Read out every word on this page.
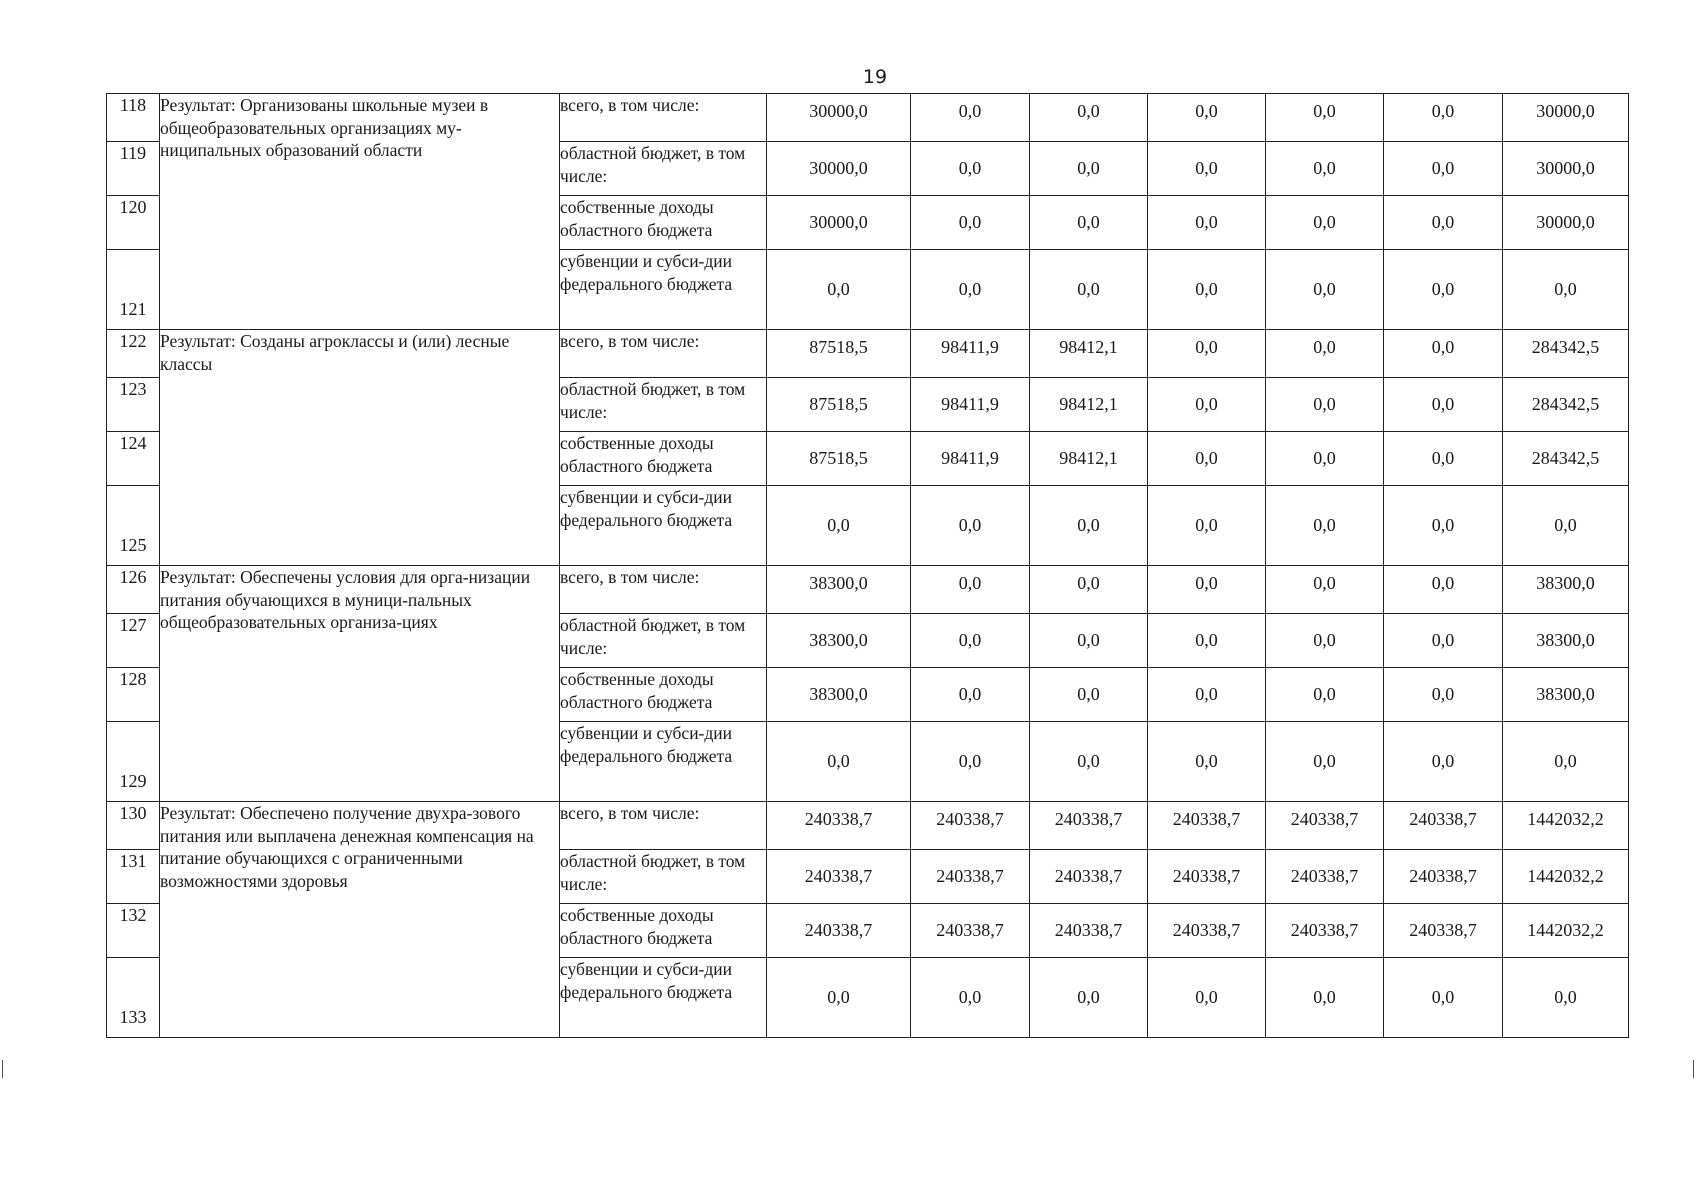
19
118	Результат: Организованы школьные музеи в общеобразовательных организациях му-ниципальных образований области	всего, в том числе:	30000,0	0,0	0,0	0,0	0,0	0,0	30000,0
119		областной бюджет, в том числе:	30000,0	0,0	0,0	0,0	0,0	0,0	30000,0
120		собственные доходы областного бюджета	30000,0	0,0	0,0	0,0	0,0	0,0	30000,0
121		субвенции и субси-дии федерального бюджета	0,0	0,0	0,0	0,0	0,0	0,0	0,0
122	Результат: Созданы агроклассы и (или) лесные классы	всего, в том числе:	87518,5	98411,9	98412,1	0,0	0,0	0,0	284342,5
123		областной бюджет, в том числе:	87518,5	98411,9	98412,1	0,0	0,0	0,0	284342,5
124		собственные доходы областного бюджета	87518,5	98411,9	98412,1	0,0	0,0	0,0	284342,5
125		субвенции и субси-дии федерального бюджета	0,0	0,0	0,0	0,0	0,0	0,0	0,0
126	Результат: Обеспечены условия для орга-низации питания обучающихся в муници-пальных общеобразовательных организа-циях	всего, в том числе:	38300,0	0,0	0,0	0,0	0,0	0,0	38300,0
127		областной бюджет, в том числе:	38300,0	0,0	0,0	0,0	0,0	0,0	38300,0
128		собственные доходы областного бюджета	38300,0	0,0	0,0	0,0	0,0	0,0	38300,0
129		субвенции и субси-дии федерального бюджета	0,0	0,0	0,0	0,0	0,0	0,0	0,0
130	Результат: Обеспечено получение двухра-зового питания или выплачена денежная компенсация на питание обучающихся с ограниченными возможностями здоровья	всего, в том числе:	240338,7	240338,7	240338,7	240338,7	240338,7	240338,7	1442032,2
131		областной бюджет, в том числе:	240338,7	240338,7	240338,7	240338,7	240338,7	240338,7	1442032,2
132		собственные доходы областного бюджета	240338,7	240338,7	240338,7	240338,7	240338,7	240338,7	1442032,2
133		субвенции и субси-дии федерального бюджета	0,0	0,0	0,0	0,0	0,0	0,0	0,0
